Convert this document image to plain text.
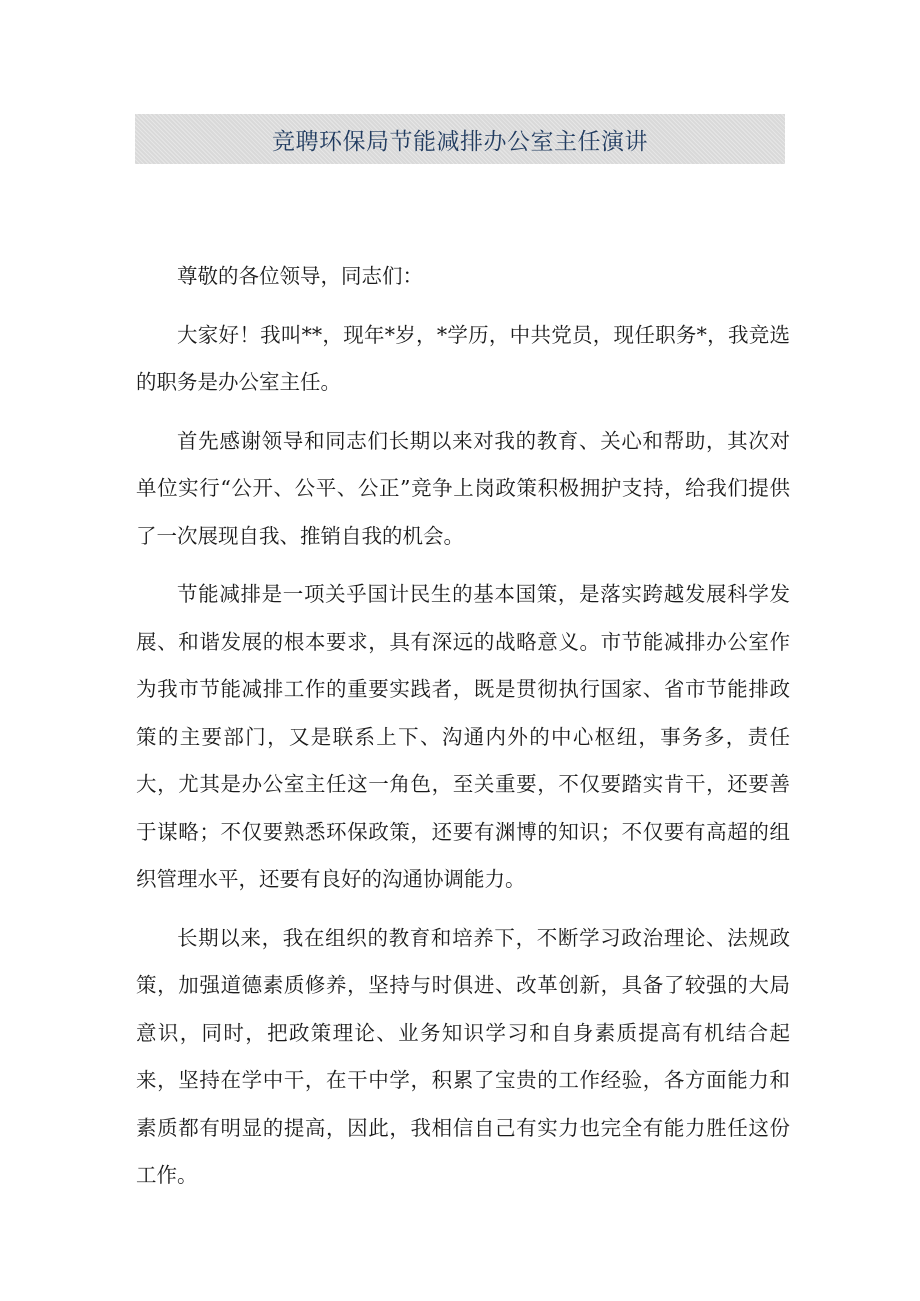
竞聘环保局节能减排办公室主任演讲

尊敬的各位领导，同志们：

大家好！我叫**，现年*岁，*学历，中共党员，现任职务*，我竞选的职务是办公室主任。

首先感谢领导和同志们长期以来对我的教育、关心和帮助，其次对单位实行“公开、公平、公正”竞争上岗政策积极拥护支持，给我们提供了一次展现自我、推销自我的机会。

节能减排是一项关乎国计民生的基本国策，是落实跨越发展科学发展、和谐发展的根本要求，具有深远的战略意义。市节能减排办公室作为我市节能减排工作的重要实践者，既是贯彻执行国家、省市节能排政策的主要部门，又是联系上下、沟通内外的中心枢纽，事务多，责任大，尤其是办公室主任这一角色，至关重要，不仅要踏实肯干，还要善于谋略；不仅要熟悉环保政策，还要有渊博的知识；不仅要有高超的组织管理水平，还要有良好的沟通协调能力。

长期以来，我在组织的教育和培养下，不断学习政治理论、法规政策，加强道德素质修养，坚持与时俱进、改革创新，具备了较强的大局意识，同时，把政策理论、业务知识学习和自身素质提高有机结合起来，坚持在学中干，在干中学，积累了宝贵的工作经验，各方面能力和素质都有明显的提高，因此，我相信自己有实力也完全有能力胜任这份工作。
